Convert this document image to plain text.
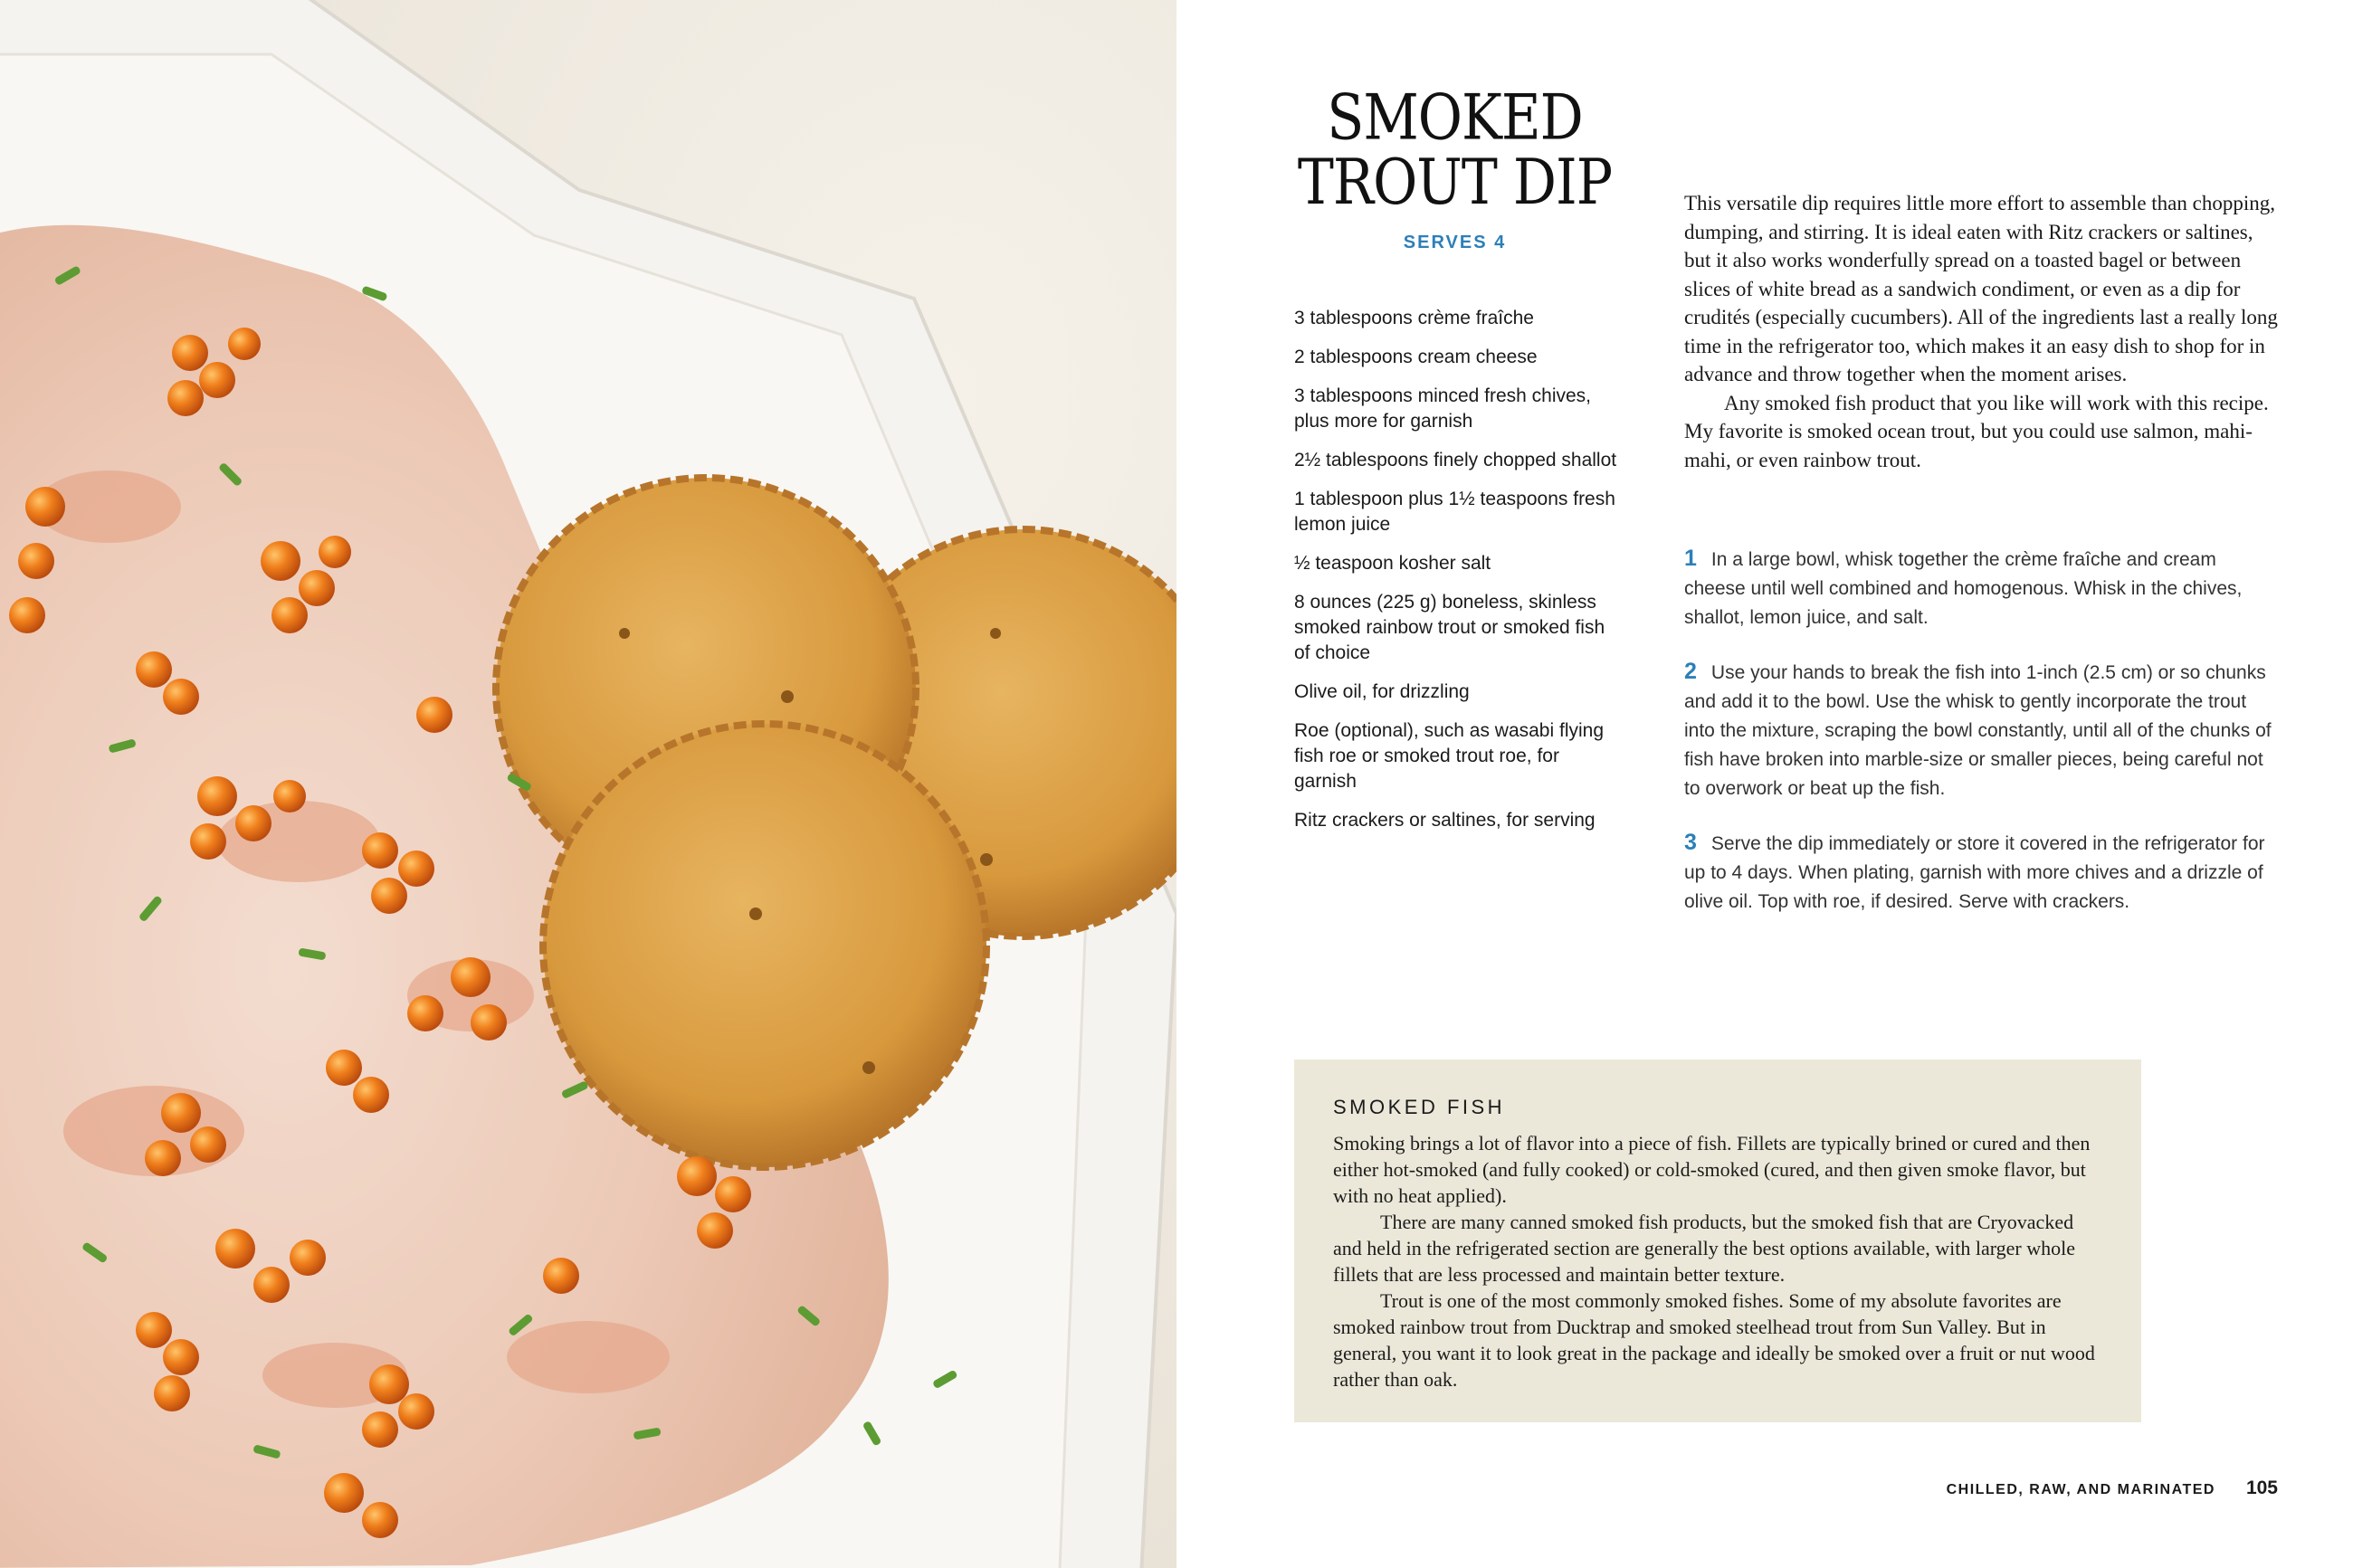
SMOKED
TROUT DIP
SERVES 4
3 tablespoons crème fraîche
2 tablespoons cream cheese
3 tablespoons minced fresh chives, plus more for garnish
2½ tablespoons finely chopped shallot
1 tablespoon plus 1½ teaspoons fresh lemon juice
½ teaspoon kosher salt
8 ounces (225 g) boneless, skinless smoked rainbow trout or smoked fish of choice
Olive oil, for drizzling
Roe (optional), such as wasabi flying fish roe or smoked trout roe, for garnish
Ritz crackers or saltines, for serving

This versatile dip requires little more effort to assemble than chopping, dumping, and stirring. It is ideal eaten with Ritz crackers or saltines, but it also works wonderfully spread on a toasted bagel or between slices of white bread as a sandwich condiment, or even as a dip for crudités (especially cucumbers). All of the ingredients last a really long time in the refrigerator too, which makes it an easy dish to shop for in advance and throw together when the moment arises.

Any smoked fish product that you like will work with this recipe. My favorite is smoked ocean trout, but you could use salmon, mahi-mahi, or even rainbow trout.

1 In a large bowl, whisk together the crème fraîche and cream cheese until well combined and homogenous. Whisk in the chives, shallot, lemon juice, and salt.

2 Use your hands to break the fish into 1-inch (2.5 cm) or so chunks and add it to the bowl. Use the whisk to gently incorporate the trout into the mixture, scraping the bowl constantly, until all of the chunks of fish have broken into marble-size or smaller pieces, being careful not to overwork or beat up the fish.

3 Serve the dip immediately or store it covered in the refrigerator for up to 4 days. When plating, garnish with more chives and a drizzle of olive oil. Top with roe, if desired. Serve with crackers.

SMOKED FISH

Smoking brings a lot of flavor into a piece of fish. Fillets are typically brined or cured and then either hot-smoked (and fully cooked) or cold-smoked (cured, and then given smoke flavor, but with no heat applied).

There are many canned smoked fish products, but the smoked fish that are Cryovacked and held in the refrigerated section are generally the best options available, with larger whole fillets that are less processed and maintain better texture.

Trout is one of the most commonly smoked fishes. Some of my absolute favorites are smoked rainbow trout from Ducktrap and smoked steelhead trout from Sun Valley. But in general, you want it to look great in the package and ideally be smoked over a fruit or nut wood rather than oak.

CHILLED, RAW, AND MARINATED 105
